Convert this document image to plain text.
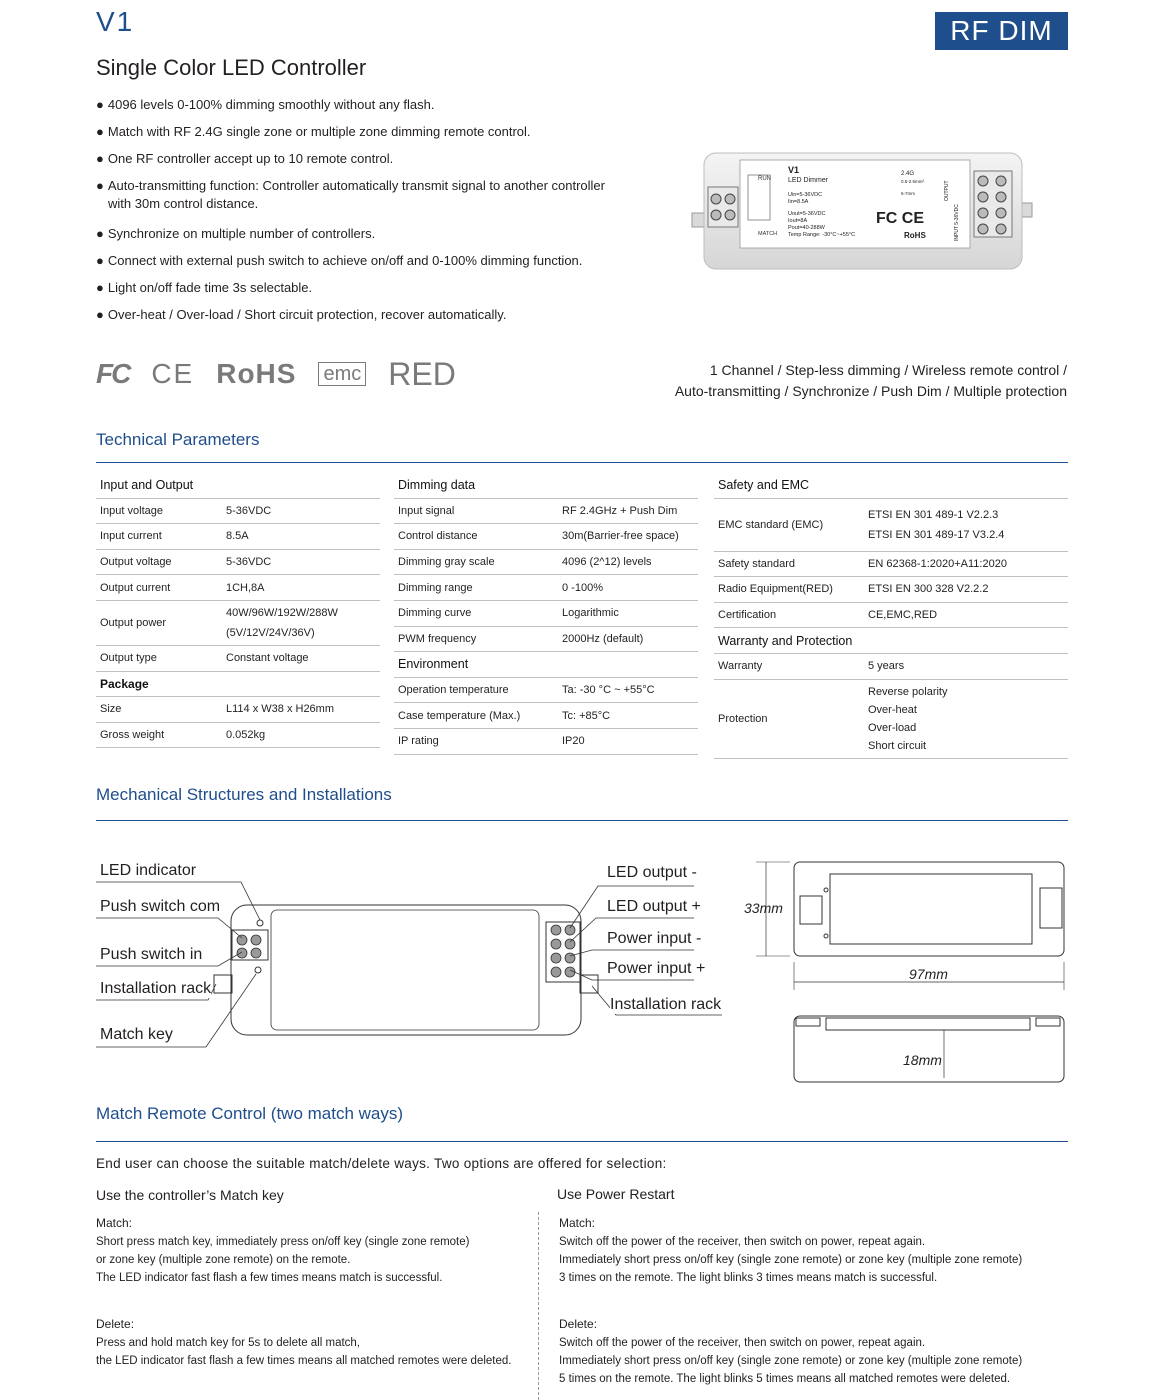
V1	RF DIM
Single Color LED Controller
● 4096 levels 0-100% dimming smoothly without any flash.
● Match with RF 2.4G single zone or multiple zone dimming remote control.
● One RF controller accept up to 10 remote control.
● Auto-transmitting function: Controller automatically transmit signal to another controller
with 30m control distance.
● Synchronize on multiple number of controllers.
● Connect with external push switch to achieve on/off and 0-100% dimming function.
● Light on/off fade time 3s selectable.
● Over-heat / Over-load / Short circuit protection, recover automatically.
RUN
MATCH
V1
LED Dimmer
Uin=5-36VDC
Iin=8.5A
Uout=5-36VDC
Iout=8A
Pout=40-288W
Temp Range: -30°C~+55°C
2.4G
0.5-2.5mm²
6-7mm
FC CE
RoHS
OUTPUT
INPUT 5-36VDC
FC CE RoHS emc RED	1 Channel / Step-less dimming / Wireless remote control /
Auto-transmitting / Synchronize / Push Dim / Multiple protection
Technical Parameters
Input and Output	
Input voltage	5-36VDC
Input current	8.5A
Output voltage	5-36VDC
Output current	1CH,8A
Output power	40W/96W/192W/288W
(5V/12V/24V/36V)

Output type	Constant voltage
Package	
Size	L114 x W38 x H26mm
Gross weight	0.052kg
Dimming data	
Input signal	RF 2.4GHz + Push Dim
Control distance	30m(Barrier-free space)
Dimming gray scale	4096 (2^12) levels
Dimming range	0 -100%
Dimming curve	Logarithmic
PWM frequency	2000Hz (default)
Environment	
Operation temperature	Ta: -30 °C ~ +55°C
Case temperature (Max.)	Tc: +85°C
IP rating	IP20
Safety and EMC	
EMC standard (EMC)	ETSI EN 301 489-1 V2.2.3
ETSI EN 301 489-17 V3.2.4

Safety standard	EN 62368-1:2020+A11:2020
Radio Equipment(RED)	ETSI EN 300 328 V2.2.2
Certification	CE,EMC,RED
Warranty and Protection	
Warranty	5 years
Protection	Reverse polarity
Over-heat
Over-load
Short circuit
Mechanical Structures and Installations
LED indicator
Push switch com
Push switch in
Installation rack
Match key
LED output -
LED output +
Power input -
Power input +
Installation rack
33mm
97mm
18mm
Match Remote Control (two match ways)
End user can choose the suitable match/delete ways. Two options are offered for selection:
Use the controller’s Match key	Use Power Restart
Match:
Short press match key, immediately press on/off key (single zone remote)
or zone key (multiple zone remote) on the remote.
The LED indicator fast flash a few times means match is successful.
Delete:
Press and hold match key for 5s to delete all match,
the LED indicator fast flash a few times means all matched remotes were deleted.
Match:
Switch off the power of the receiver, then switch on power, repeat again.
Immediately short press on/off key (single zone remote) or zone key (multiple zone remote)
3 times on the remote. The light blinks 3 times means match is successful.
Delete:
Switch off the power of the receiver, then switch on power, repeat again.
Immediately short press on/off key (single zone remote) or zone key (multiple zone remote)
5 times on the remote. The light blinks 5 times means all matched remotes were deleted.
